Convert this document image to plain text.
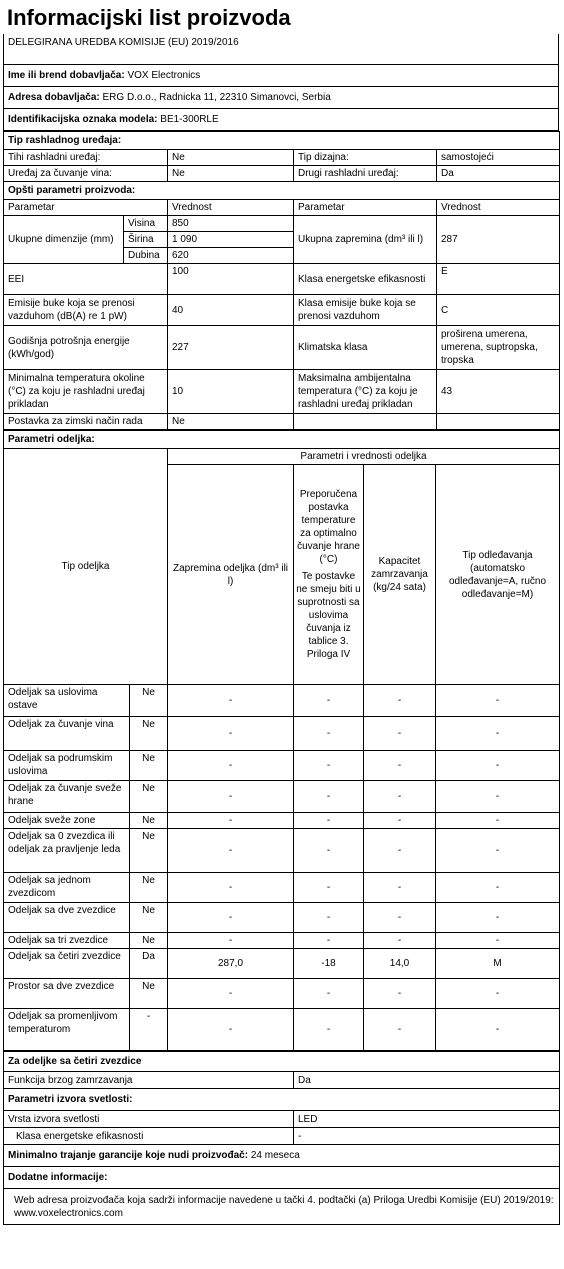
Informacijski list proizvoda
DELEGIRANA UREDBA KOMISIJE (EU) 2019/2016
Ime ili brend dobavljača: VOX Electronics
Adresa dobavljača: ERG D.o.o., Radnicka 11, 22310 Simanovci, Serbia
Identifikacijska oznaka modela: BE1-300RLE
Tip rashladnog uređaja:				
Tihi rashladni uređaj:		Ne	Tip dizajna:	samostojeći
Uređaj za čuvanje vina:		Ne	Drugi rashladni uređaj:	Da
Opšti parametri proizvoda:				
Parametar		Vrednost	Parametar	Vrednost
Ukupne dimenzije (mm)	Visina	850	Ukupna zapremina (dm³ ili l)	287
	Širina	1 090		
	Dubina	620		
EEI		100	Klasa energetske efikasnosti	E
Emisije buke koja se prenosi vazduhom (dB(A) re 1 pW)		40	Klasa emisije buke koja se prenosi vazduhom	C
Godišnja potrošnja energije (kWh/god)		227	Klimatska klasa	proširena umerena, umerena, suptropska, tropska
Minimalna temperatura okoline (°C) za koju je rashladni uređaj prikladan		10	Maksimalna ambijentalna temperatura (°C) za koju je rashladni uređaj prikladan	43
Postavka za zimski način rada		Ne		
Parametri odeljka:					
Tip odeljka		Parametri i vrednosti odeljka			
		Zapremina odeljka (dm³ ili l)	Preporučena postavka temperature za optimalno čuvanje hrane (°C)
Te postavke ne smeju biti u suprotnosti sa uslovima čuvanja iz tablice 3. Priloga IV	Kapacitet zamrzavanja (kg/24 sata)	Tip odleđavanja (automatsko odleđavanje=A, ručno odleđavanje=M)
Odeljak sa uslovima ostave	Ne	-	-	-	-
Odeljak za čuvanje vina	Ne	-	-	-	-
Odeljak sa podrumskim uslovima	Ne	-	-	-	-
Odeljak za čuvanje sveže hrane	Ne	-	-	-	-
Odeljak sveže zone	Ne	-	-	-	-
Odeljak sa 0 zvezdica ili odeljak za pravljenje leda	Ne	-	-	-	-
Odeljak sa jednom zvezdicom	Ne	-	-	-	-
Odeljak sa dve zvezdice	Ne	-	-	-	-
Odeljak sa tri zvezdice	Ne	-	-	-	-
Odeljak sa četiri zvezdice	Da	287,0	-18	14,0	M
Prostor sa dve zvezdice	Ne	-	-	-	-
Odeljak sa promenljivom temperaturom	-	-	-	-	-
Za odeljke sa četiri zvezdice	
Funkcija brzog zamrzavanja	Da
Parametri izvora svetlosti:	
Vrsta izvora svetlosti	LED
Klasa energetske efikasnosti	-
Minimalno trajanje garancije koje nudi proizvođač: 24 meseca	
Dodatne informacije:	
Web adresa proizvođača koja sadrži informacije navedene u tački 4. podtački (a) Priloga Uredbi Komisije (EU) 2019/2019: www.voxelectronics.com	
